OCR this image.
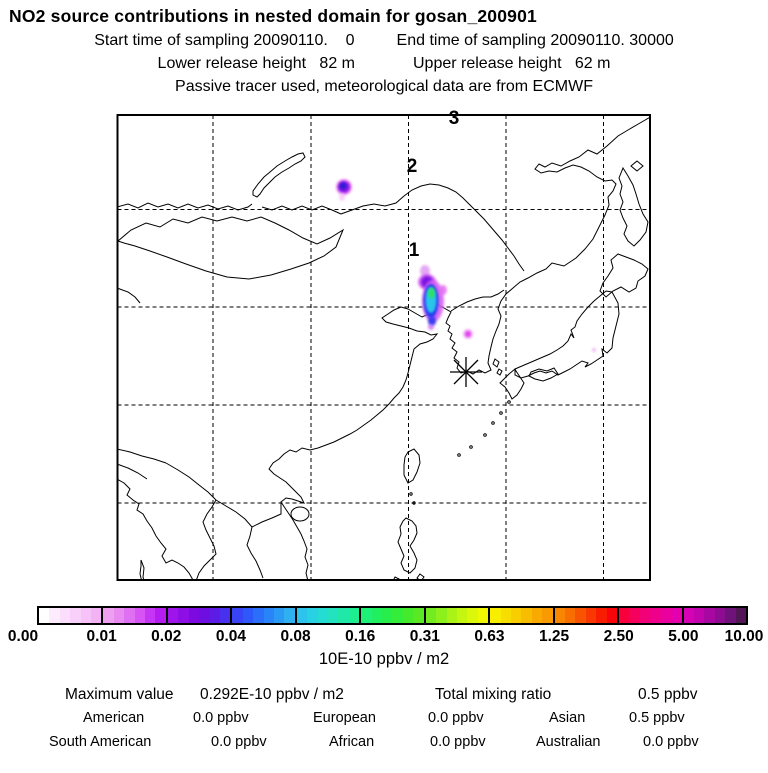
NO2 source contributions in nested domain for gosan_200901
Start time of sampling 20090110.    0	End time of sampling 20090110. 30000
Lower release height   82 m	Upper release height   62 m
Passive tracer used, meteorological data are from ECMWF
1
2
3
0.00	0.01 0.02 0.04 0.08 0.16 0.31 0.63 1.25 2.50 5.00 10.00
10E-10 ppbv / m2
Maximum value 0.292E-10 ppbv / m2	Total mixing ratio	0.5 ppbv
American	0.0 ppbv	European	0.0 ppbv	Asian	0.5 ppbv
South American	0.0 ppbv	African	0.0 ppbv	Australian	0.0 ppbv
